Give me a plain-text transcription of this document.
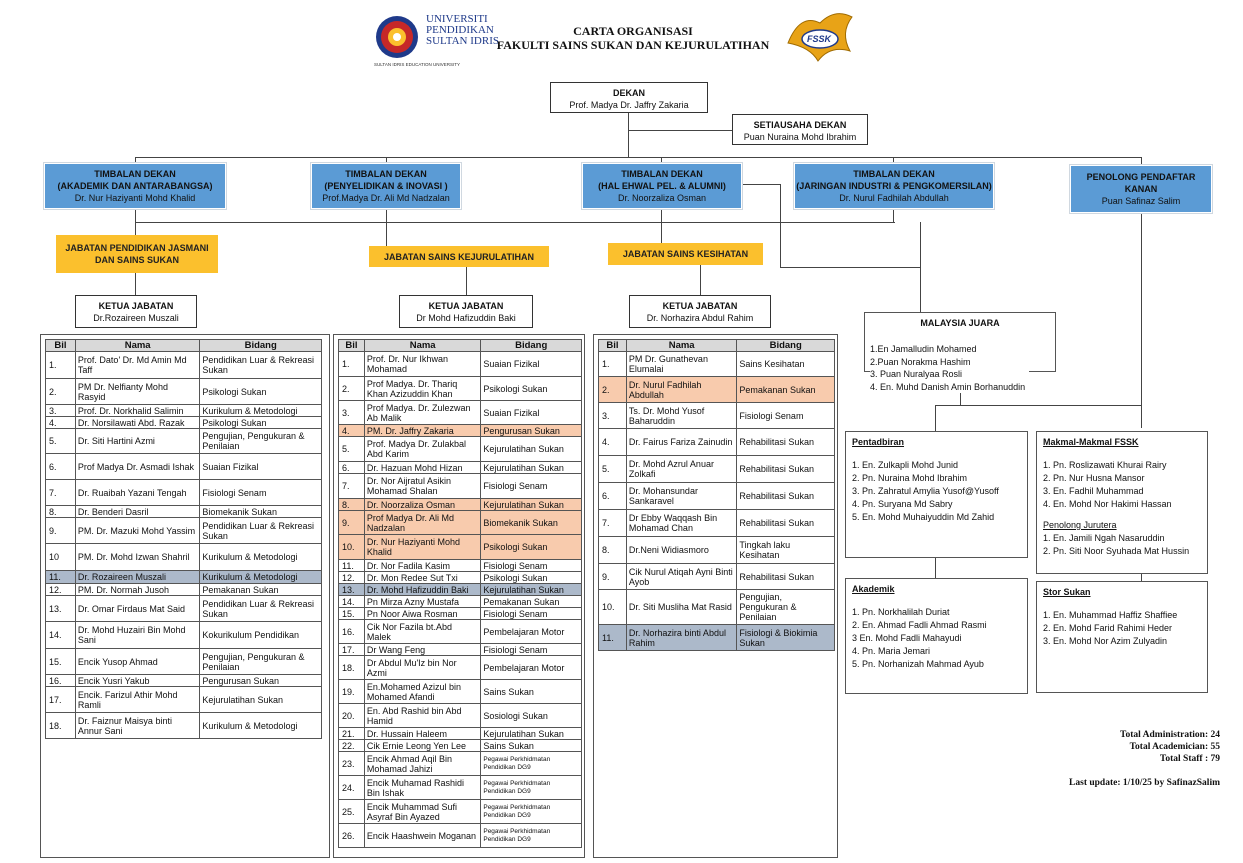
UNIVERSITI
PENDIDIKAN
SULTAN IDRIS
SULTAN IDRIS EDUCATION UNIVERSITY
CARTA ORGANISASI
FAKULTI SAINS SUKAN DAN KEJURULATIHAN	FSSK
DEKAN
Prof. Madya Dr. Jaffry Zakaria
SETIAUSAHA DEKAN
Puan Nuraina Mohd Ibrahim
TIMBALAN DEKAN
(AKADEMIK DAN ANTARABANGSA)
Dr. Nur Haziyanti Mohd Khalid
TIMBALAN DEKAN
(PENYELIDIKAN & INOVASI )
Prof.Madya Dr. Ali Md Nadzalan
TIMBALAN DEKAN
(HAL EHWAL PEL. & ALUMNI)
Dr. Noorzaliza Osman
TIMBALAN DEKAN
(JARINGAN INDUSTRI & PENGKOMERSILAN)
Dr. Nurul Fadhilah Abdullah
PENOLONG PENDAFTAR
KANAN
Puan Safinaz Salim
JABATAN PENDIDIKAN JASMANI
DAN SAINS SUKAN	JABATAN SAINS KEJURULATIHAN	JABATAN SAINS KESIHATAN
KETUA JABATAN
Dr.Rozaireen Muszali
KETUA JABATAN
Dr Mohd Hafizuddin Baki
KETUA JABATAN
Dr. Norhazira Abdul Rahim
Bil	Nama	Bidang
1.	Prof. Dato' Dr. Md Amin Md Taff	Pendidikan Luar & Rekreasi Sukan
2.	PM Dr. Nelfianty Mohd Rasyid	Psikologi Sukan
3.	Prof. Dr. Norkhalid Salimin	Kurikulum & Metodologi
4.	Dr. Norsilawati Abd. Razak	Psikologi Sukan
5.	Dr. Siti Hartini Azmi	Pengujian, Pengukuran & Penilaian
6.	Prof Madya Dr. Asmadi Ishak	Suaian Fizikal
7.	Dr. Ruaibah Yazani Tengah	Fisiologi Senam
8.	Dr. Benderi Dasril	Biomekanik Sukan
9.	PM. Dr. Mazuki Mohd Yassim	Pendidikan Luar & Rekreasi Sukan
10	PM. Dr. Mohd Izwan Shahril	Kurikulum & Metodologi
11.	Dr. Rozaireen Muszali	Kurikulum & Metodologi
12.	PM. Dr. Normah Jusoh	Pemakanan Sukan
13.	Dr. Omar Firdaus Mat Said	Pendidikan Luar & Rekreasi Sukan
14.	Dr. Mohd Huzairi Bin Mohd Sani	Kokurikulum Pendidikan
15.	Encik Yusop Ahmad	Pengujian, Pengukuran & Penilaian
16.	Encik Yusri Yakub	Pengurusan Sukan
17.	Encik. Farizul Athir Mohd Ramli	Kejurulatihan Sukan
18.	Dr. Faiznur Maisya binti Annur Sani	Kurikulum & Metodologi
Bil	Nama	Bidang
1.	Prof. Dr. Nur Ikhwan Mohamad	Suaian Fizikal
2.	Prof Madya. Dr. Thariq Khan Azizuddin Khan	Psikologi Sukan
3.	Prof Madya. Dr. Zulezwan Ab Malik	Suaian Fizikal
4.	PM. Dr. Jaffry Zakaria	Pengurusan Sukan
5.	Prof. Madya Dr. Zulakbal Abd Karim	Kejurulatihan Sukan
6.	Dr. Hazuan Mohd Hizan	Kejurulatihan Sukan
7.	Dr. Nor Aijratul Asikin Mohamad Shalan	Fisiologi Senam
8.	Dr. Noorzaliza Osman	Kejurulatihan Sukan
9.	Prof Madya Dr. Ali Md Nadzalan	Biomekanik Sukan
10.	Dr. Nur Haziyanti Mohd Khalid	Psikologi Sukan
11.	Dr. Nor Fadila Kasim	Fisiologi Senam
12.	Dr. Mon Redee Sut Txi	Psikologi Sukan
13.	Dr. Mohd Hafizuddin Baki	Kejurulatihan Sukan
14.	Pn Mirza Azny Mustafa	Pemakanan Sukan
15.	Pn Noor Aiwa Rosman	Fisiologi Senam
16.	Cik Nor Fazila bt.Abd Malek	Pembelajaran Motor
17.	Dr Wang Feng	Fisiologi Senam
18.	Dr Abdul Mu'Iz bin Nor Azmi	Pembelajaran Motor
19.	En.Mohamed Azizul bin Mohamed Afandi	Sains Sukan
20.	En. Abd Rashid bin Abd Hamid	Sosiologi Sukan
21.	Dr. Hussain Haleem	Kejurulatihan Sukan
22.	Cik Ernie Leong Yen Lee	Sains Sukan
23.	Encik Ahmad Aqil Bin Mohamad Jahizi	Pegawai Perkhidmatan Pendidikan DG9
24.	Encik Muhamad Rashidi Bin Ishak	Pegawai Perkhidmatan Pendidikan DG9
25.	Encik Muhammad Sufi Asyraf Bin Ayazed	Pegawai Perkhidmatan Pendidikan DG9
26.	Encik Haashwein Moganan	Pegawai Perkhidmatan Pendidikan DG9
Bil	Nama	Bidang
1.	PM Dr. Gunathevan Elumalai	Sains Kesihatan
2.	Dr. Nurul Fadhilah Abdullah	Pemakanan Sukan
3.	Ts. Dr. Mohd Yusof Baharuddin	Fisiologi Senam
4.	Dr. Fairus Fariza Zainudin	Rehabilitasi Sukan
5.	Dr. Mohd Azrul Anuar Zolkafi	Rehabilitasi Sukan
6.	Dr. Mohansundar Sankaravel	Rehabilitasi Sukan
7.	Dr Ebby Waqqash Bin Mohamad Chan	Rehabilitasi Sukan
8.	Dr.Neni Widiasmoro	Tingkah laku Kesihatan
9.	Cik Nurul Atiqah Ayni Binti Ayob	Rehabilitasi Sukan
10.	Dr. Siti Musliha Mat Rasid	Pengujian, Pengukuran & Penilaian
11.	Dr. Norhazira binti Abdul Rahim	Fisiologi & Biokimia Sukan
MALAYSIA JUARA
1.En Jamalludin Mohamed
2.Puan Norakma Hashim
3. Puan Nuralyaa Rosli
4. En. Muhd Danish Amin Borhanuddin
Pentadbiran
1. En. Zulkapli Mohd Junid
2. Pn. Nuraina Mohd Ibrahim
3. Pn. Zahratul Amylia Yusof@Yusoff
4. Pn. Suryana Md Sabry
5. En. Mohd Muhaiyuddin Md Zahid
Makmal-Makmal FSSK
1. Pn. Roslizawati Khurai Rairy
2. Pn. Nur Husna Mansor
3. En. Fadhil Muhammad
4. En. Mohd Nor Hakimi Hassan
Penolong Jurutera
1. En. Jamili Ngah Nasaruddin
2. Pn. Siti Noor Syuhada Mat Hussin
Akademik
1. Pn. Norkhalilah Duriat
2. En. Ahmad Fadli Ahmad Rasmi
3 En. Mohd Fadli Mahayudi
4. Pn. Maria Jemari
5. Pn. Norhanizah Mahmad Ayub
Stor Sukan
1. En. Muhammad Haffiz Shaffiee
2. En. Mohd Farid Rahimi Heder
3. En. Mohd Nor Azim Zulyadin
Total Administration: 24
Total Academician: 55
Total Staff : 79
Last update: 1/10/25 by SafinazSalim
